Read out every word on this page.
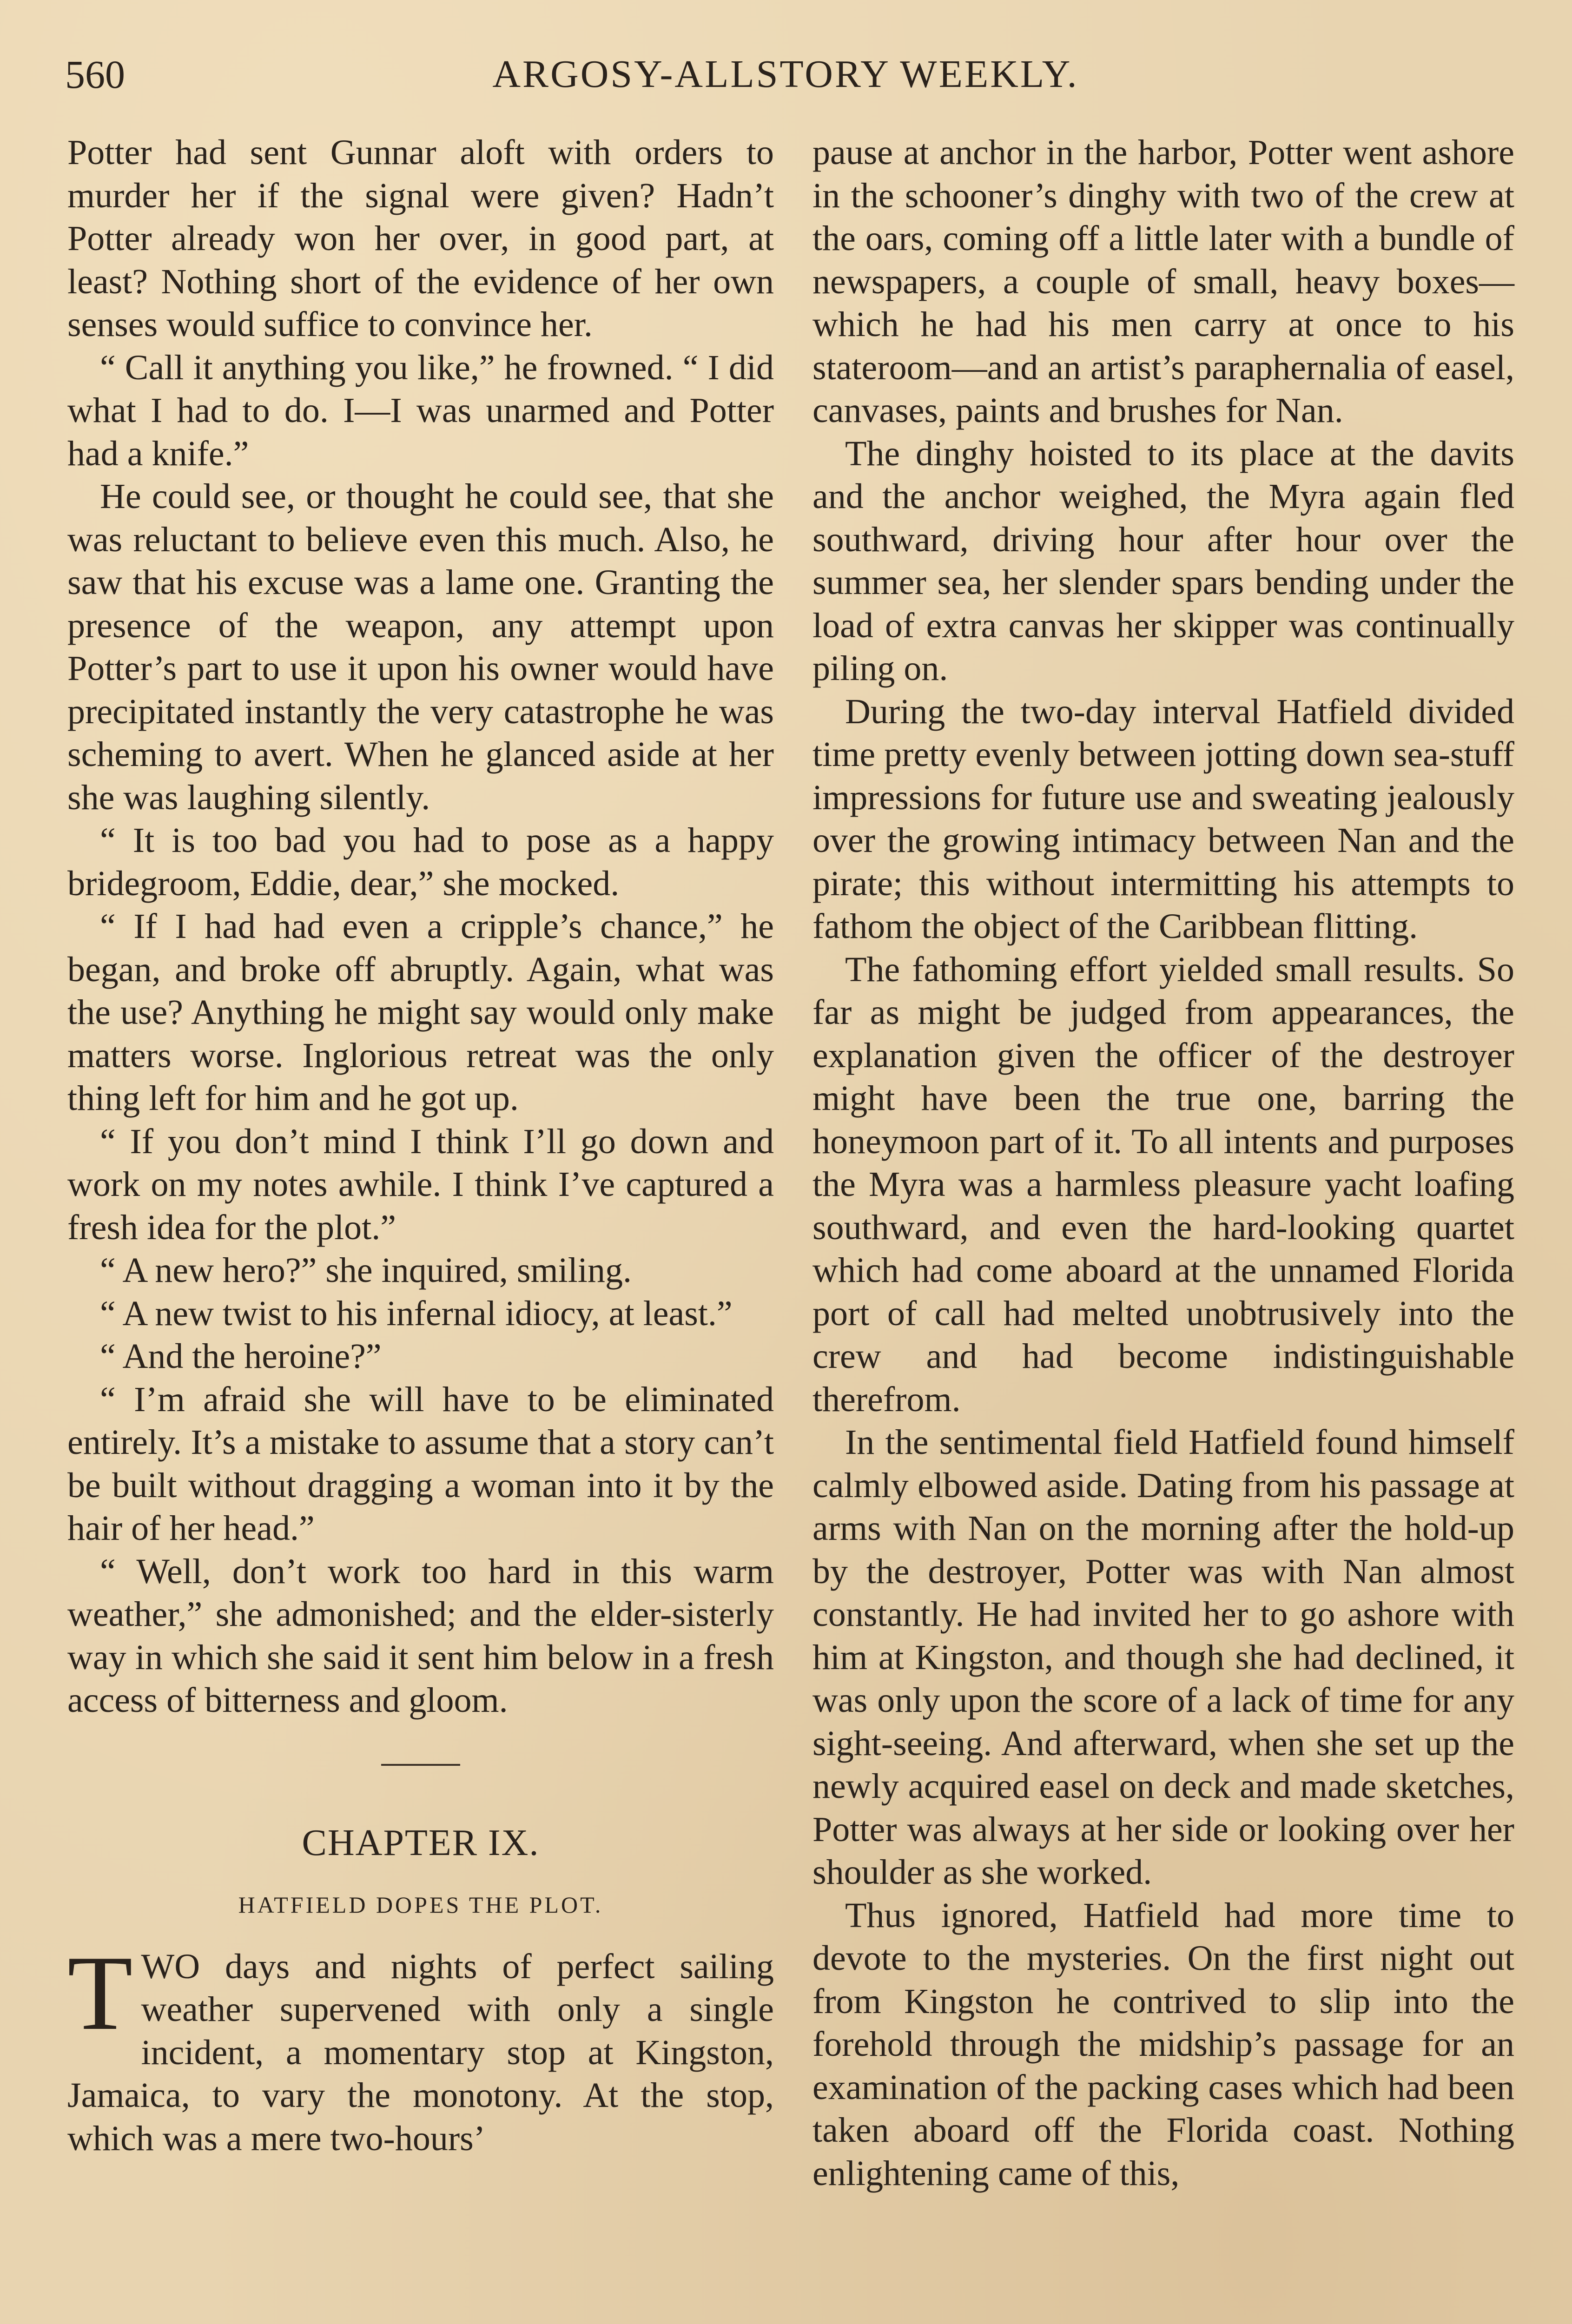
560	ARGOSY-ALLSTORY WEEKLY.

Potter had sent Gunnar aloft with orders to murder her if the signal were given? Hadn’t Potter already won her over, in good part, at least? Nothing short of the evidence of her own senses would suffice to convince her.

“ Call it anything you like,” he frowned. “ I did what I had to do. I—I was unarmed and Potter had a knife.”

He could see, or thought he could see, that she was reluctant to believe even this much. Also, he saw that his excuse was a lame one. Granting the presence of the weapon, any attempt upon Potter’s part to use it upon his owner would have precipitated instantly the very catastrophe he was scheming to avert. When he glanced aside at her she was laughing silently.

“ It is too bad you had to pose as a happy bridegroom, Eddie, dear,” she mocked.

“ If I had had even a cripple’s chance,” he began, and broke off abruptly. Again, what was the use? Anything he might say would only make matters worse. Inglorious retreat was the only thing left for him and he got up.

“ If you don’t mind I think I’ll go down and work on my notes awhile. I think I’ve captured a fresh idea for the plot.”

“ A new hero?” she inquired, smiling.

“ A new twist to his infernal idiocy, at least.”

“ And the heroine?”

“ I’m afraid she will have to be eliminated entirely. It’s a mistake to assume that a story can’t be built without dragging a woman into it by the hair of her head.”

“ Well, don’t work too hard in this warm weather,” she admonished; and the elder-sisterly way in which she said it sent him below in a fresh access of bitterness and gloom.

CHAPTER IX.
HATFIELD DOPES THE PLOT.

TWO days and nights of perfect sailing weather supervened with only a single incident, a momentary stop at Kingston, Jamaica, to vary the monotony. At the stop, which was a mere two-hours’

pause at anchor in the harbor, Potter went ashore in the schooner’s dinghy with two of the crew at the oars, coming off a little later with a bundle of newspapers, a couple of small, heavy boxes—which he had his men carry at once to his stateroom—and an artist’s paraphernalia of easel, canvases, paints and brushes for Nan.

The dinghy hoisted to its place at the davits and the anchor weighed, the Myra again fled southward, driving hour after hour over the summer sea, her slender spars bending under the load of extra canvas her skipper was continually piling on.

During the two-day interval Hatfield divided time pretty evenly between jotting down sea-stuff impressions for future use and sweating jealously over the growing intimacy between Nan and the pirate; this without intermitting his attempts to fathom the object of the Caribbean flitting.

The fathoming effort yielded small results. So far as might be judged from appearances, the explanation given the officer of the destroyer might have been the true one, barring the honeymoon part of it. To all intents and purposes the Myra was a harmless pleasure yacht loafing southward, and even the hard-looking quartet which had come aboard at the unnamed Florida port of call had melted unobtrusively into the crew and had become indistinguishable therefrom.

In the sentimental field Hatfield found himself calmly elbowed aside. Dating from his passage at arms with Nan on the morning after the hold-up by the destroyer, Potter was with Nan almost constantly. He had invited her to go ashore with him at Kingston, and though she had declined, it was only upon the score of a lack of time for any sight-seeing. And afterward, when she set up the newly acquired easel on deck and made sketches, Potter was always at her side or looking over her shoulder as she worked.

Thus ignored, Hatfield had more time to devote to the mysteries. On the first night out from Kingston he contrived to slip into the forehold through the midship’s passage for an examination of the packing cases which had been taken aboard off the Florida coast. Nothing enlightening came of this,
